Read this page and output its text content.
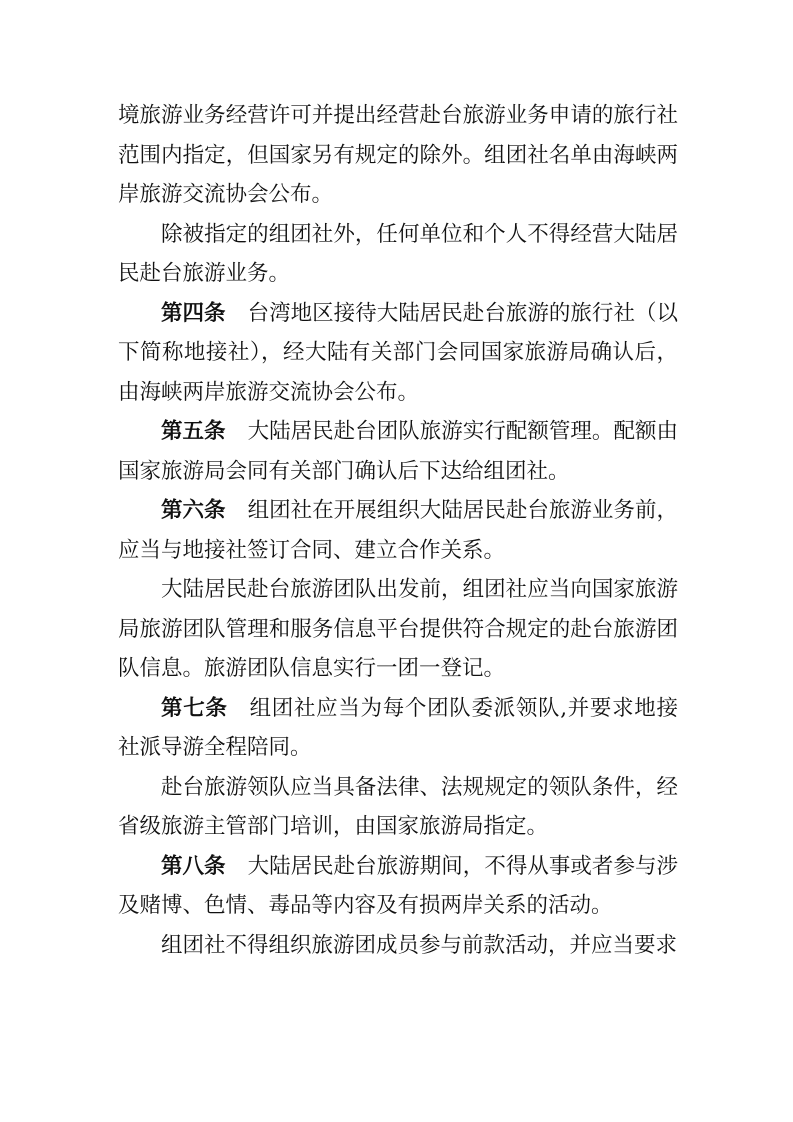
境旅游业务经营许可并提出经营赴台旅游业务申请的旅行社范围内指定，但国家另有规定的除外。组团社名单由海峡两岸旅游交流协会公布。

除被指定的组团社外，任何单位和个人不得经营大陆居民赴台旅游业务。

第四条 台湾地区接待大陆居民赴台旅游的旅行社（以下简称地接社），经大陆有关部门会同国家旅游局确认后，由海峡两岸旅游交流协会公布。

第五条 大陆居民赴台团队旅游实行配额管理。配额由国家旅游局会同有关部门确认后下达给组团社。

第六条 组团社在开展组织大陆居民赴台旅游业务前，应当与地接社签订合同、建立合作关系。

大陆居民赴台旅游团队出发前，组团社应当向国家旅游局旅游团队管理和服务信息平台提供符合规定的赴台旅游团队信息。旅游团队信息实行一团一登记。

第七条 组团社应当为每个团队委派领队,并要求地接社派导游全程陪同。

赴台旅游领队应当具备法律、法规规定的领队条件，经省级旅游主管部门培训，由国家旅游局指定。

第八条 大陆居民赴台旅游期间，不得从事或者参与涉及赌博、色情、毒品等内容及有损两岸关系的活动。

组团社不得组织旅游团成员参与前款活动，并应当要求
